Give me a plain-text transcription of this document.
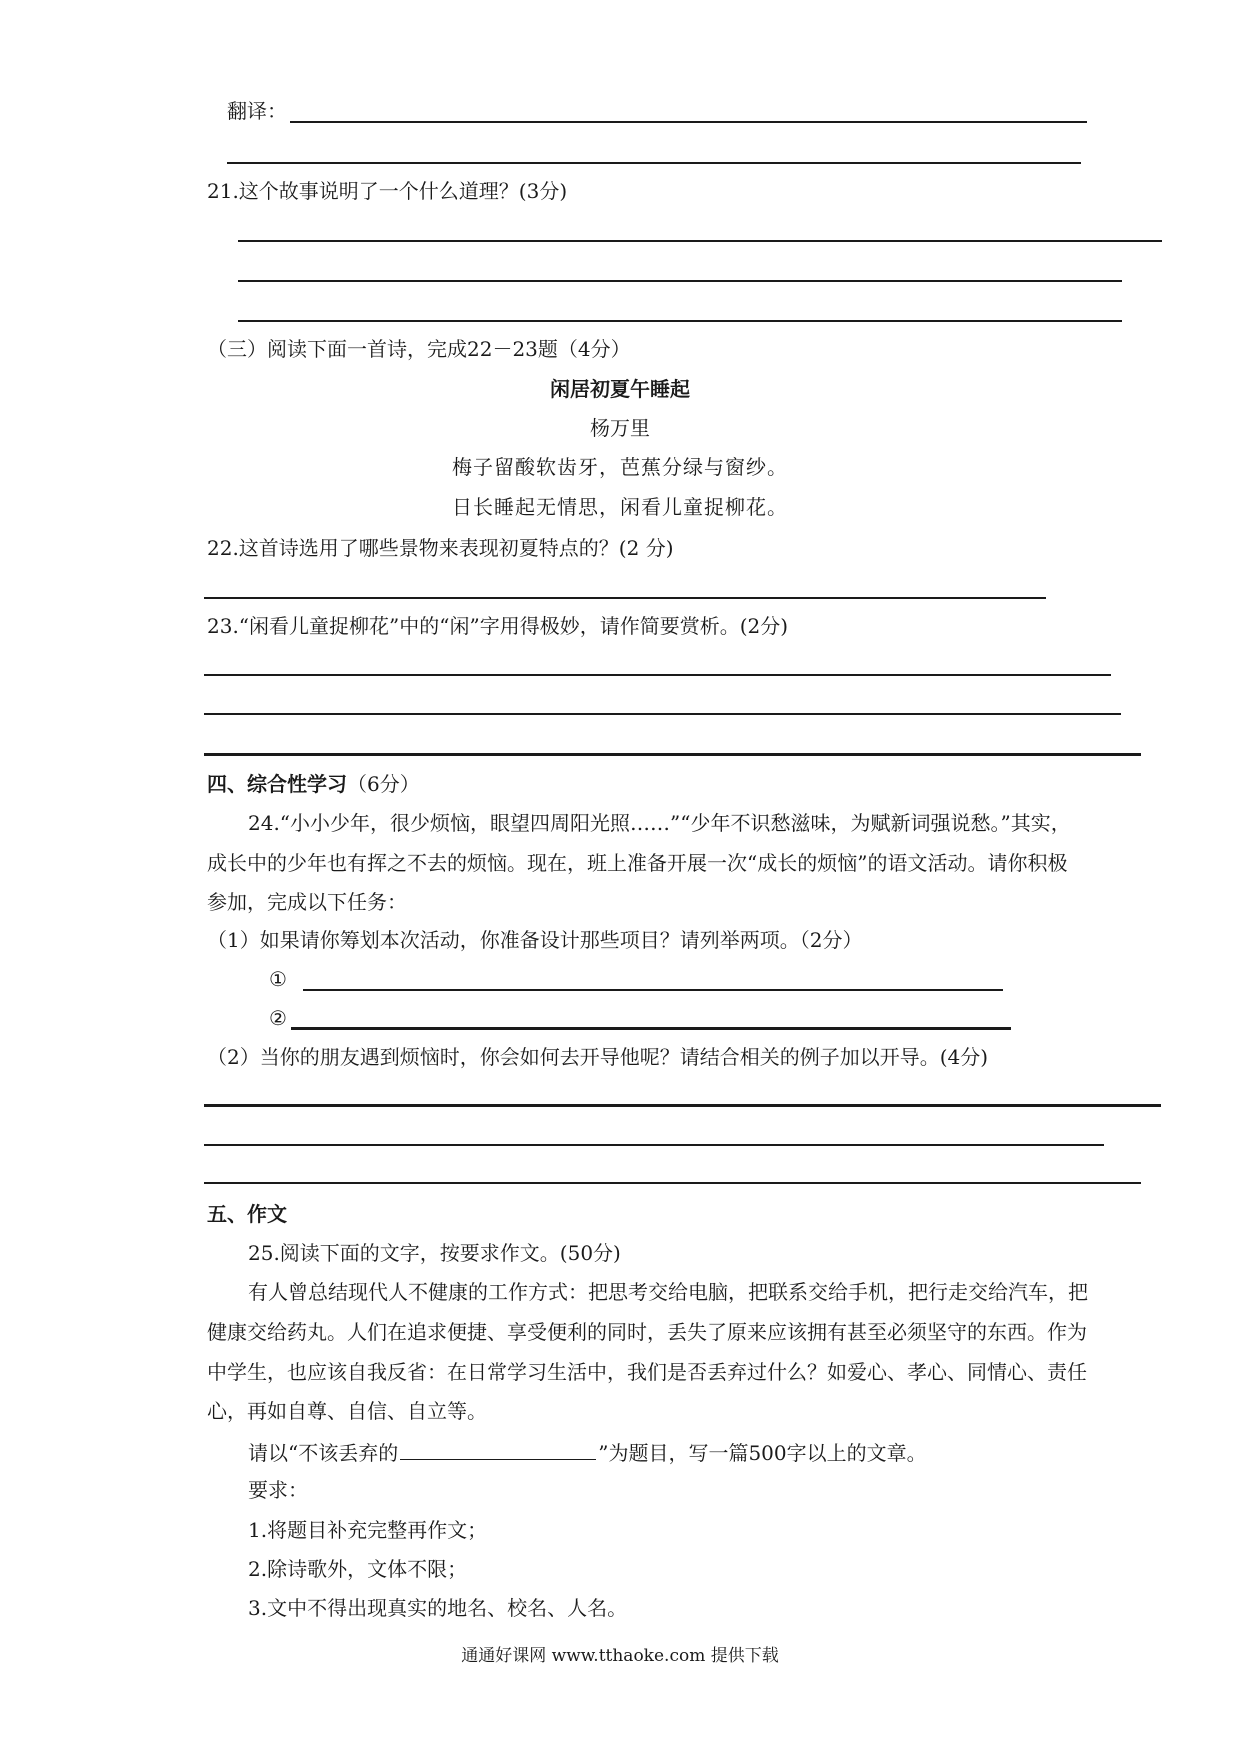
翻译：
21.这个故事说明了一个什么道理？(3分)
（三）阅读下面一首诗，完成22－23题（4分）
闲居初夏午睡起
杨万里
梅子留酸软齿牙，芭蕉分绿与窗纱。
日长睡起无情思，闲看儿童捉柳花。
22.这首诗选用了哪些景物来表现初夏特点的？(2 分)
23.“闲看儿童捉柳花”中的“闲”字用得极妙，请作简要赏析。(2分)
四、综合性学习（6分）
24.“小小少年，很少烦恼，眼望四周阳光照……”“少年不识愁滋味，为赋新词强说愁。”其实，
成长中的少年也有挥之不去的烦恼。现在，班上准备开展一次“成长的烦恼”的语文活动。请你积极
参加，完成以下任务：
（1）如果请你筹划本次活动，你准备设计那些项目？请列举两项。（2分）
①
②
（2）当你的朋友遇到烦恼时，你会如何去开导他呢？请结合相关的例子加以开导。(4分)
五、作文
25.阅读下面的文字，按要求作文。(50分)
有人曾总结现代人不健康的工作方式：把思考交给电脑，把联系交给手机，把行走交给汽车，把
健康交给药丸。人们在追求便捷、享受便利的同时，丢失了原来应该拥有甚至必须坚守的东西。作为
中学生，也应该自我反省：在日常学习生活中，我们是否丢弃过什么？如爱心、孝心、同情心、责任
心，再如自尊、自信、自立等。
请以“不该丢弃的	”为题目，写一篇500字以上的文章。
要求：
1.将题目补充完整再作文；
2.除诗歌外，文体不限；
3.文中不得出现真实的地名、校名、人名。
通通好课网 www.tthaoke.com 提供下载
